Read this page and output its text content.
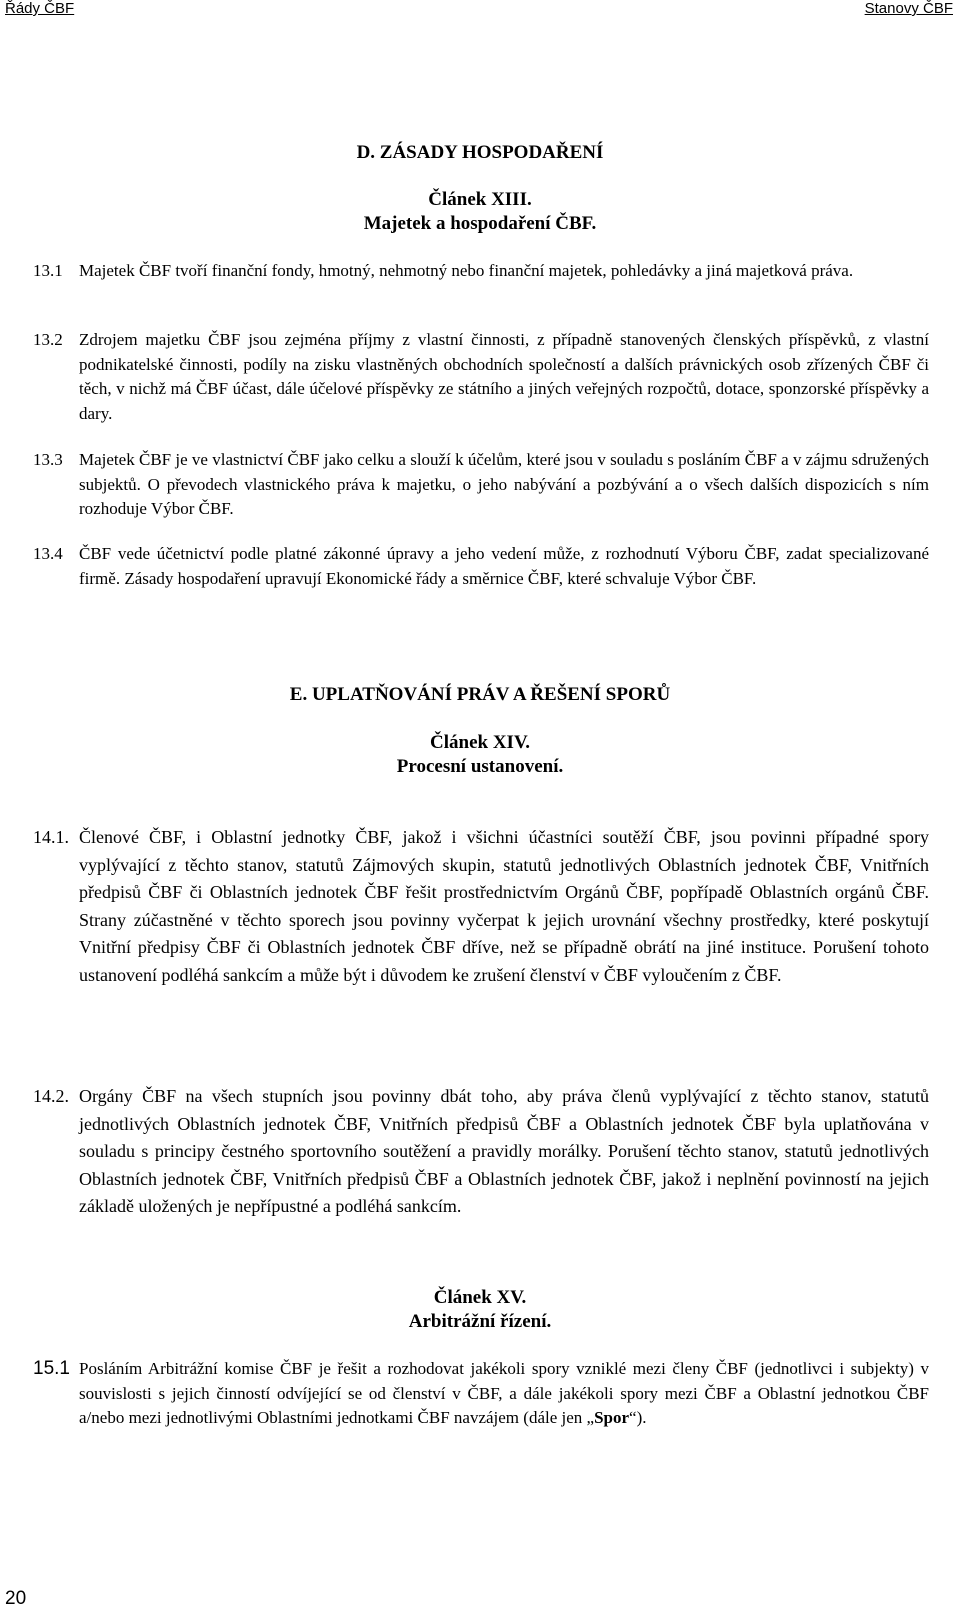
Řády ČBF	Stanovy ČBF
D. ZÁSADY HOSPODAŘENÍ
Článek XIII.
Majetek a hospodaření ČBF.
13.1 Majetek ČBF tvoří finanční fondy, hmotný, nehmotný nebo finanční majetek, pohledávky a jiná majetková práva.
13.2 Zdrojem majetku ČBF jsou zejména příjmy z vlastní činnosti, z případně stanovených členských příspěvků, z vlastní podnikatelské činnosti, podíly na zisku vlastněných obchodních společností a dalších právnických osob zřízených ČBF či těch, v nichž má ČBF účast, dále účelové příspěvky ze státního a jiných veřejných rozpočtů, dotace, sponzorské příspěvky a dary.
13.3 Majetek ČBF je ve vlastnictví ČBF jako celku a slouží k účelům, které jsou v souladu s posláním ČBF a v zájmu sdružených subjektů. O převodech vlastnického práva k majetku, o jeho nabývání a pozbývání a o všech dalších dispozicích s ním rozhoduje Výbor ČBF.
13.4 ČBF vede účetnictví podle platné zákonné úpravy a jeho vedení může, z rozhodnutí Výboru ČBF, zadat specializované firmě. Zásady hospodaření upravují Ekonomické řády a směrnice ČBF, které schvaluje Výbor ČBF.
E. UPLATŇOVÁNÍ PRÁV A ŘEŠENÍ SPORŮ
Článek XIV.
Procesní ustanovení.
14.1. Členové ČBF, i Oblastní jednotky ČBF, jakož i všichni účastníci soutěží ČBF, jsou povinni případné spory vyplývající z těchto stanov, statutů Zájmových skupin, statutů jednotlivých Oblastních jednotek ČBF, Vnitřních předpisů ČBF či Oblastních jednotek ČBF řešit prostřednictvím Orgánů ČBF, popřípadě Oblastních orgánů ČBF. Strany zúčastněné v těchto sporech jsou povinny vyčerpat k jejich urovnání všechny prostředky, které poskytují Vnitřní předpisy ČBF či Oblastních jednotek ČBF dříve, než se případně obrátí na jiné instituce. Porušení tohoto ustanovení podléhá sankcím a může být i důvodem ke zrušení členství v ČBF vyloučením z ČBF.
14.2. Orgány ČBF na všech stupních jsou povinny dbát toho, aby práva členů vyplývající z těchto stanov, statutů jednotlivých Oblastních jednotek ČBF, Vnitřních předpisů ČBF a Oblastních jednotek ČBF byla uplatňována v souladu s principy čestného sportovního soutěžení a pravidly morálky. Porušení těchto stanov, statutů jednotlivých Oblastních jednotek ČBF, Vnitřních předpisů ČBF a Oblastních jednotek ČBF, jakož i neplnění povinností na jejich základě uložených je nepřípustné a podléhá sankcím.
Článek XV.
Arbitrážní řízení.
15.1 Posláním Arbitrážní komise ČBF je řešit a rozhodovat jakékoli spory vzniklé mezi členy ČBF (jednotlivci i subjekty) v souvislosti s jejich činností odvíjející se od členství v ČBF, a dále jakékoli spory mezi ČBF a Oblastní jednotkou ČBF a/nebo mezi jednotlivými Oblastními jednotkami ČBF navzájem (dále jen „Spor“).
20
